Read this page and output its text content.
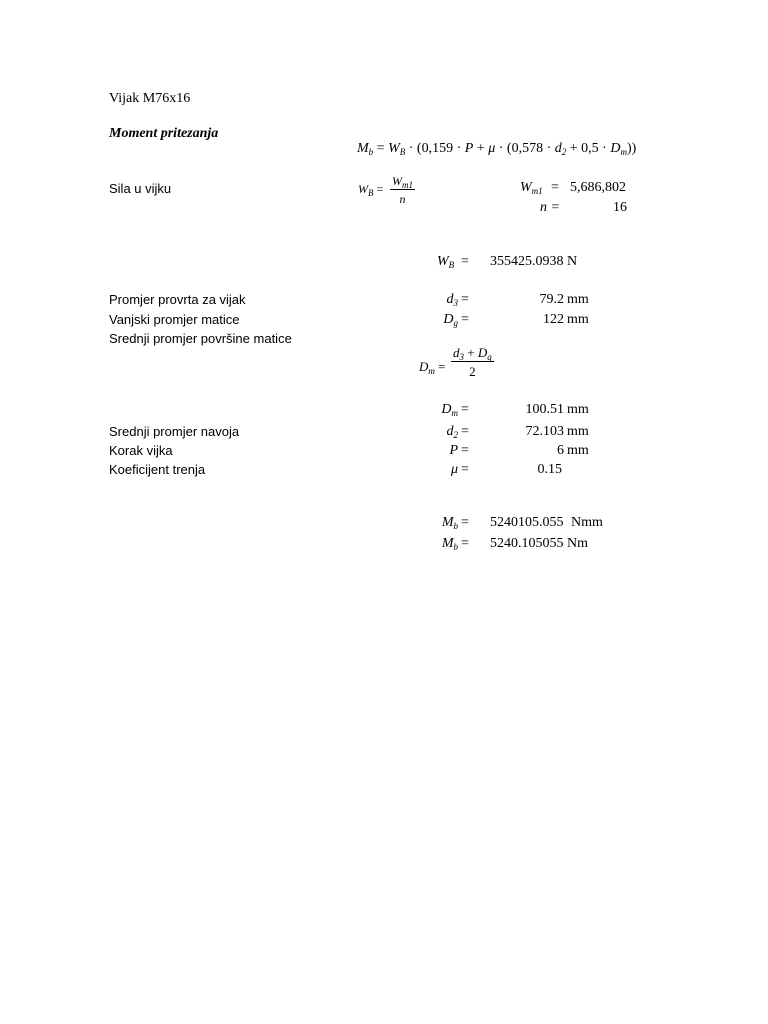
Vijak M76x16
Moment pritezanja
$M_b = W_B \cdot (0,159 \cdot P + \mu \cdot (0,578 \cdot d_2 + 0,5 \cdot D_m))$
Sila u vijku	$W_B$ =
$W_{m1}$
n
$W_{m1} = 5,686,802$
n =	16
$W_B = 355425.0938$ N
Promjer provrta za vijak	$d_3$ =	79.2 mm
Vanjski promjer matice	$D_g$ =	122 mm
Srednji promjer površine matice
$D_m$ =
$d_3 + D_g$
2
$D_m$ =	100.51 mm
Srednji promjer navoja	$d_2$ =	72.103 mm
Korak vijka	P =	6 mm
Koeficijent trenja	μ =	0.15
$M_b = 5240105.055$ Nmm
$M_b = 5240.105055$ Nm
